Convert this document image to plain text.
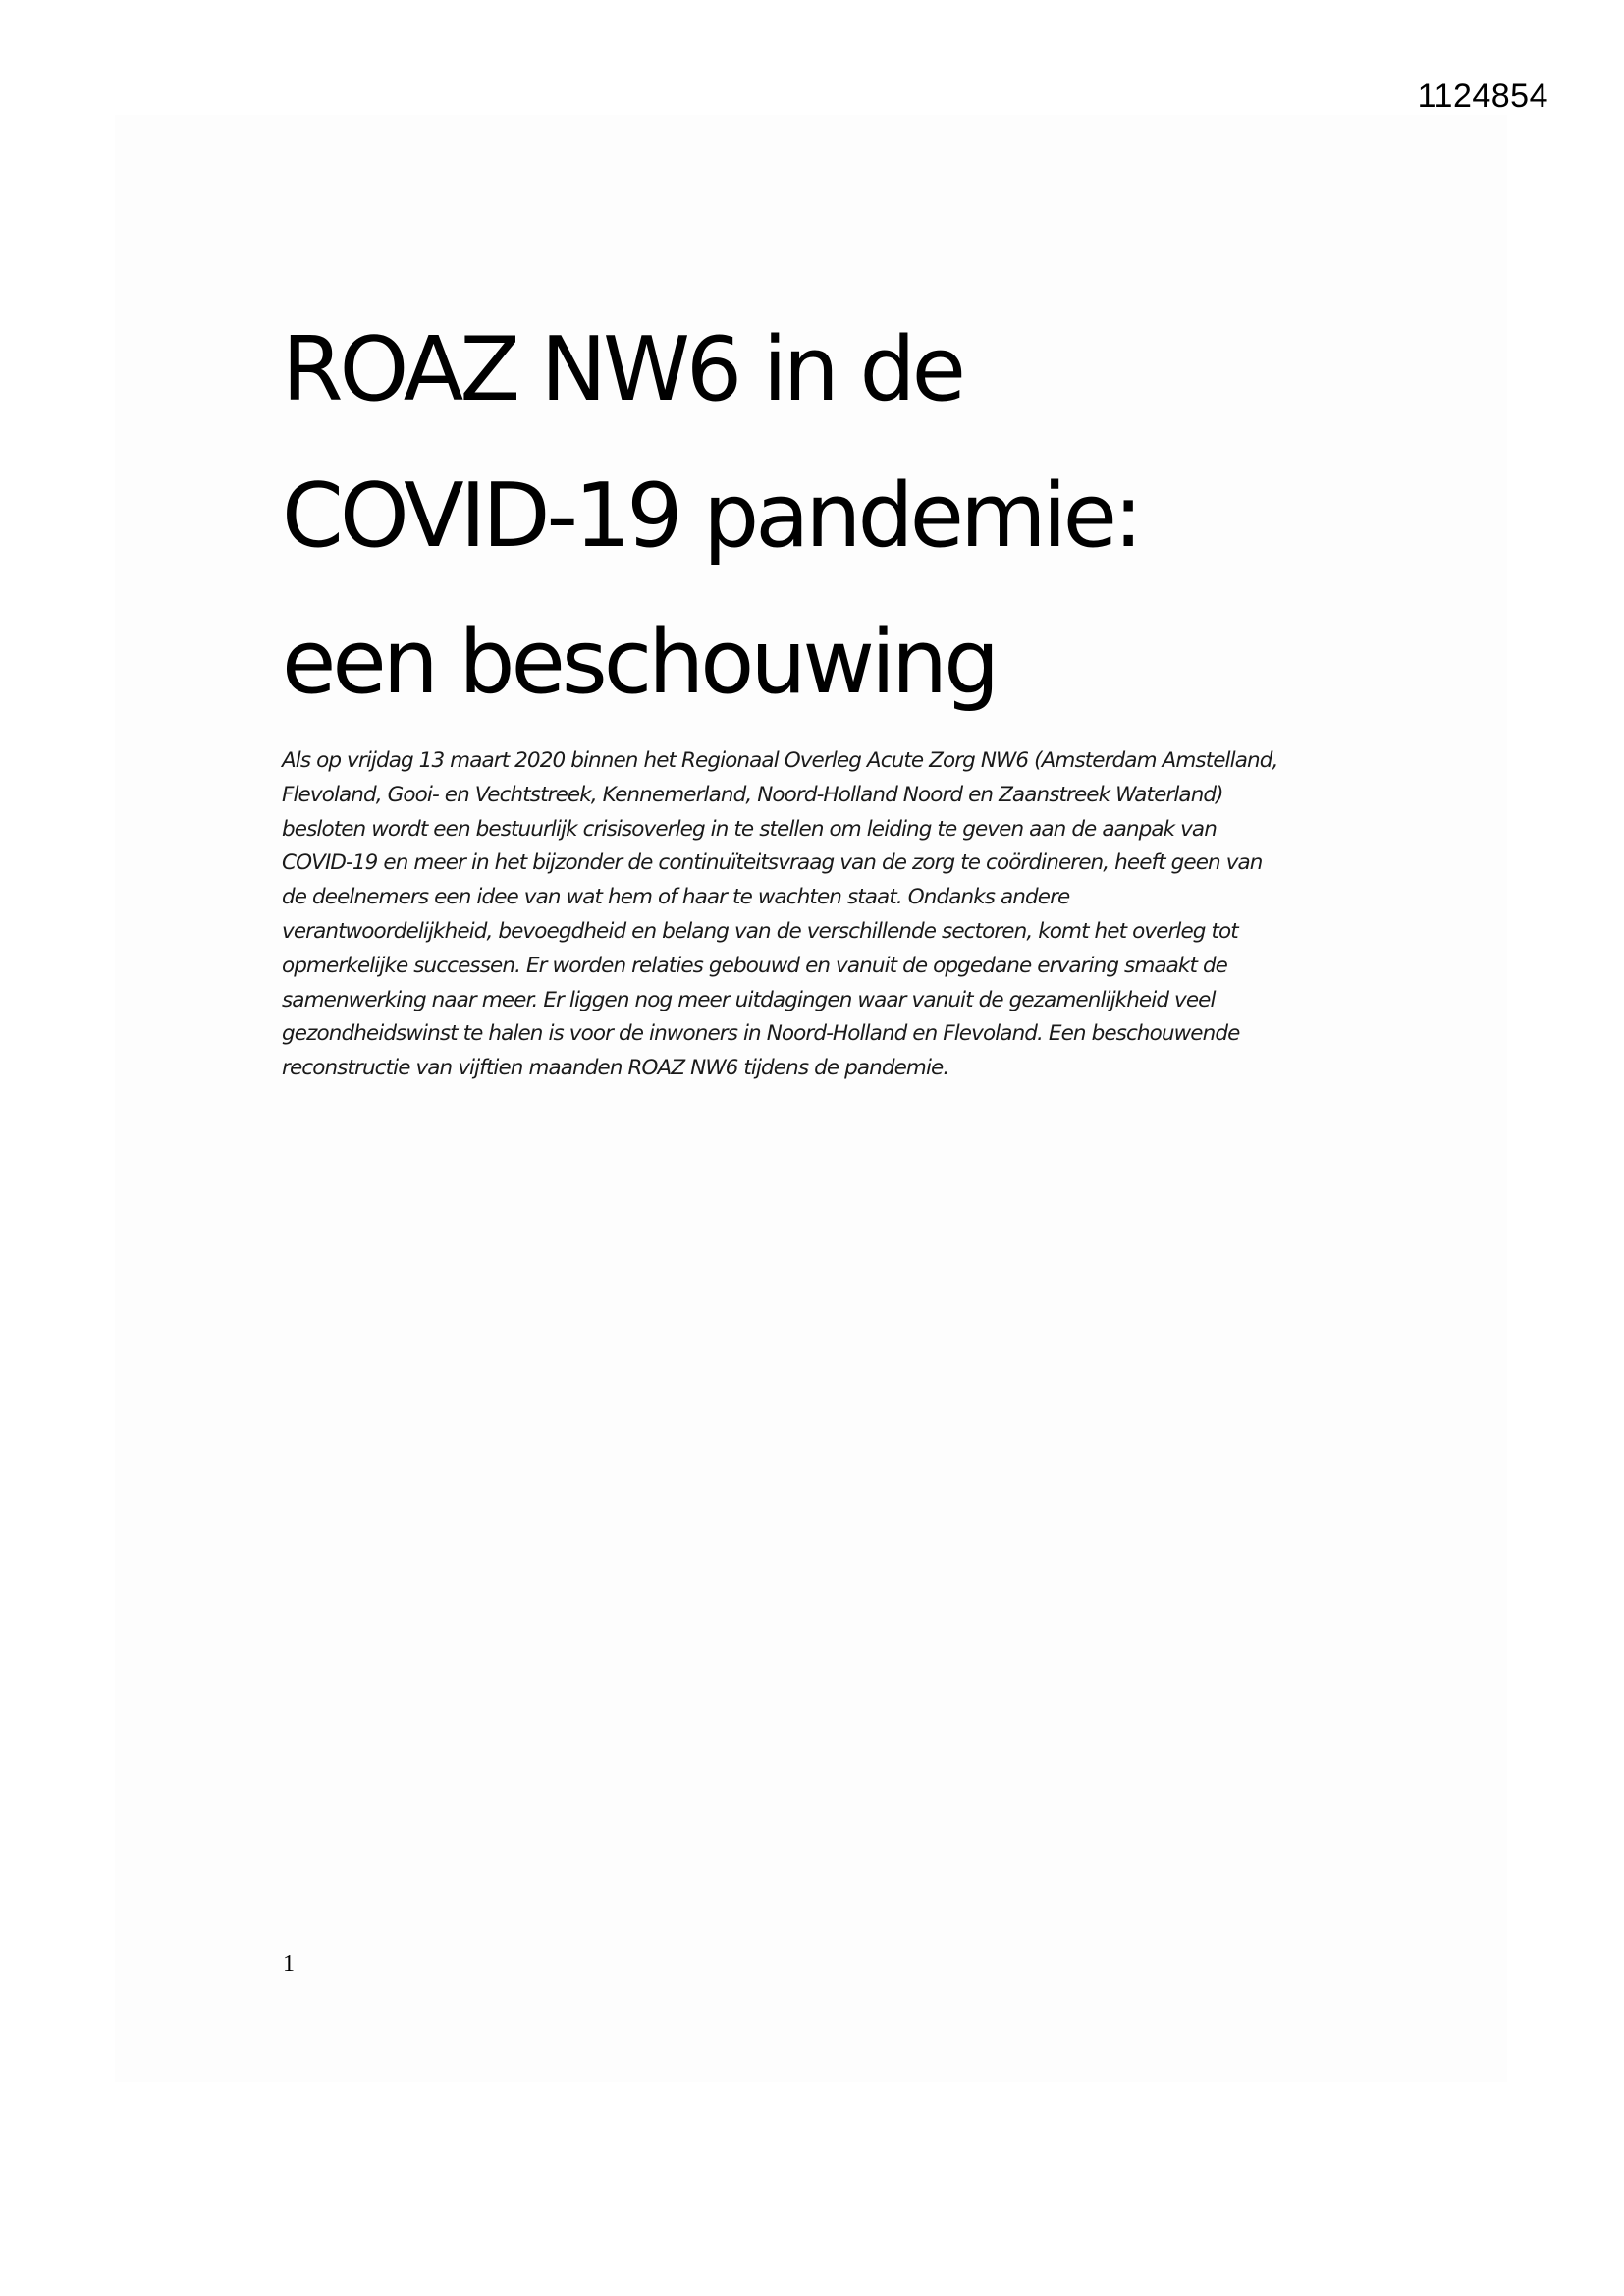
1124854
ROAZ NW6 in de
COVID-19 pandemie:
een beschouwing

Als op vrijdag 13 maart 2020 binnen het Regionaal Overleg Acute Zorg NW6 (Amsterdam Amstelland,
Flevoland, Gooi- en Vechtstreek, Kennemerland, Noord-Holland Noord en Zaanstreek Waterland)
besloten wordt een bestuurlijk crisisoverleg in te stellen om leiding te geven aan de aanpak van
COVID-19 en meer in het bijzonder de continuïteitsvraag van de zorg te coördineren, heeft geen van
de deelnemers een idee van wat hem of haar te wachten staat. Ondanks andere
verantwoordelijkheid, bevoegdheid en belang van de verschillende sectoren, komt het overleg tot
opmerkelijke successen. Er worden relaties gebouwd en vanuit de opgedane ervaring smaakt de
samenwerking naar meer. Er liggen nog meer uitdagingen waar vanuit de gezamenlijkheid veel
gezondheidswinst te halen is voor de inwoners in Noord-Holland en Flevoland. Een beschouwende
reconstructie van vijftien maanden ROAZ NW6 tijdens de pandemie.

1
